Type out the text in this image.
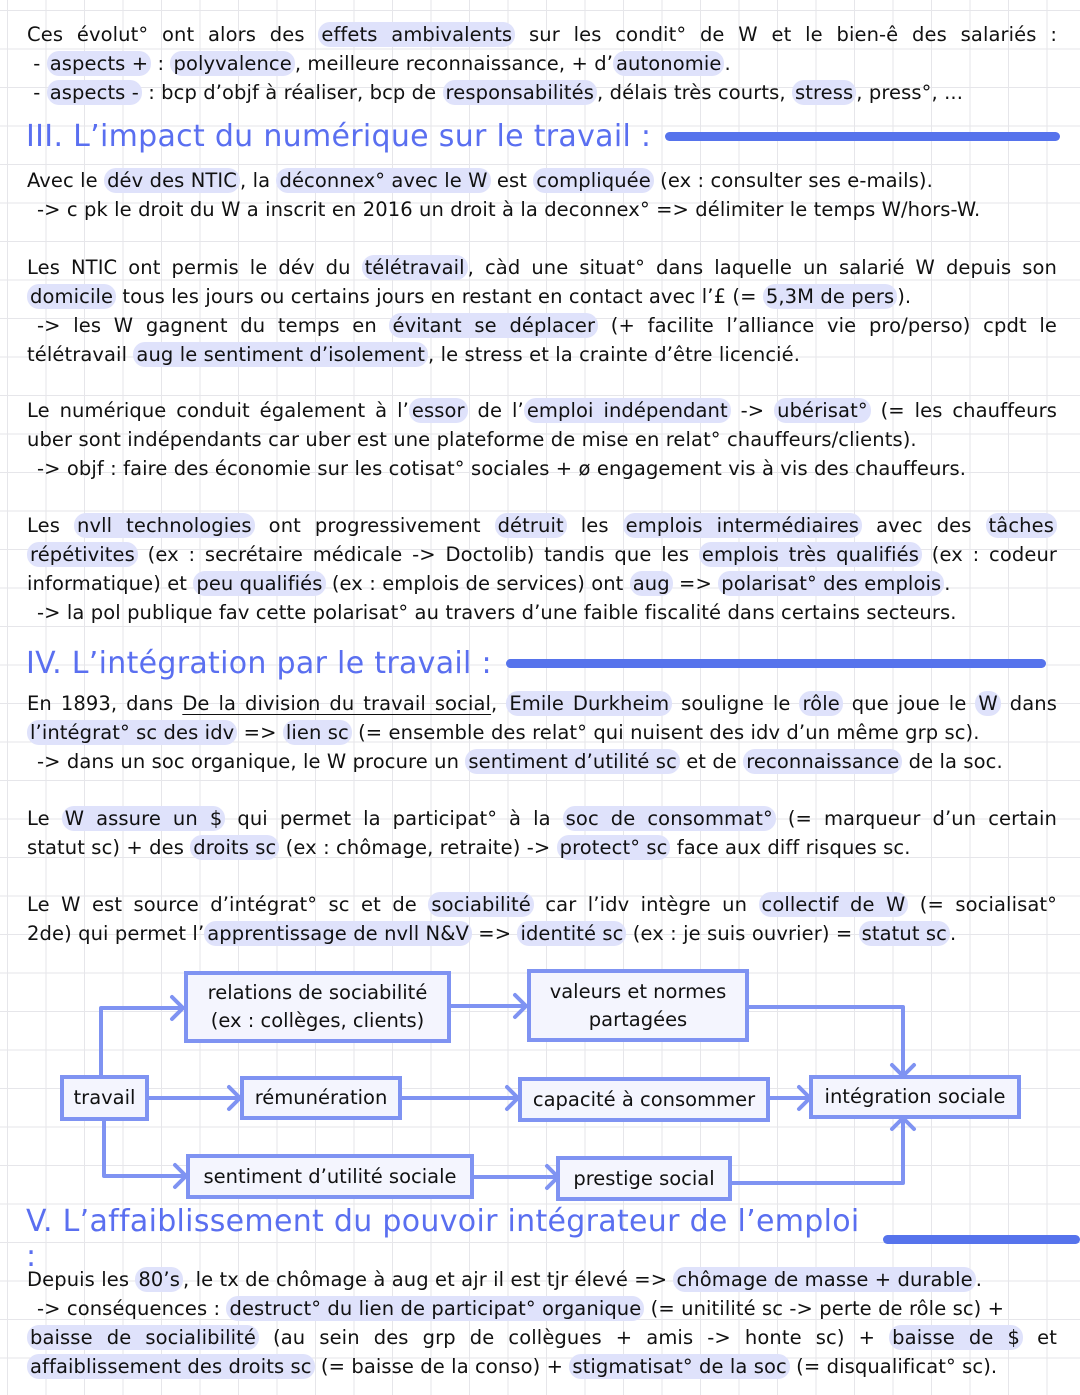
Ces évolut° ont alors des effets ambivalents sur les condit° de W et le bien-ê des salariés :
- aspects + : polyvalence , meilleure reconnaissance, + d’ autonomie .
- aspects - : bcp d’objf à réaliser, bcp de responsabilités , délais très courts, stress , press°, ...
III. L’impact du numérique sur le travail :
Avec le dév des NTIC , la déconnex° avec le W est compliquée (ex : consulter ses e-mails).
-> c pk le droit du W a inscrit en 2016 un droit à la deconnex° => délimiter le temps W/hors-W.
Les NTIC ont permis le dév du télétravail , càd une situat° dans laquelle un salarié W depuis son
domicile tous les jours ou certains jours en restant en contact avec l’£ (= 5,3M de pers ).
-> les W gagnent du temps en évitant se déplacer (+ facilite l’alliance vie pro/perso) cpdt le
télétravail aug le sentiment d’isolement , le stress et la crainte d’être licencié.
Le numérique conduit également à l’ essor de l’ emploi indépendant -> ubérisat° (= les chauffeurs
uber sont indépendants car uber est une plateforme de mise en relat° chauffeurs/clients).
-> objf : faire des économie sur les cotisat° sociales + ø engagement vis à vis des chauffeurs.
Les nvll technologies ont progressivement détruit les emplois intermédiaires avec des tâches
répétivites (ex : secrétaire médicale -> Doctolib) tandis que les emplois très qualifiés (ex : codeur
informatique) et peu qualifiés (ex : emplois de services) ont aug => polarisat° des emplois .
-> la pol publique fav cette polarisat° au travers d’une faible fiscalité dans certains secteurs.
IV. L’intégration par le travail :
En 1893, dans De la division du travail social, Emile Durkheim souligne le rôle que joue le W dans
l’intégrat° sc des idv => lien sc (= ensemble des relat° qui nuisent des idv d’un même grp sc).
-> dans un soc organique, le W procure un sentiment d’utilité sc et de reconnaissance de la soc.
Le W assure un $ qui permet la participat° à la soc de consommat° (= marqueur d’un certain
statut sc) + des droits sc (ex : chômage, retraite) -> protect° sc face aux diff risques sc.
Le W est source d’intégrat° sc et de sociabilité car l’idv intègre un collectif de W (= socialisat°
2de) qui permet l’ apprentissage de nvll N&V => identité sc (ex : je suis ouvrier) = statut sc .
travail
relations de sociabilité
(ex : collèges, clients)
valeurs et normes
partagées
rémunération	capacité à consommer	intégration sociale
sentiment d’utilité sociale	prestige social
V. L’affaiblissement du pouvoir intégrateur de l’emploi :
Depuis les 80’s , le tx de chômage à aug et ajr il est tjr élevé => chômage de masse + durable .
-> conséquences : destruct° du lien de participat° organique (= unitilité sc -> perte de rôle sc) +
baisse de socialibilité (au sein des grp de collègues + amis -> honte sc) + baisse de $ et
affaiblissement des droits sc (= baisse de la conso) + stigmatisat° de la soc (= disqualificat° sc).
